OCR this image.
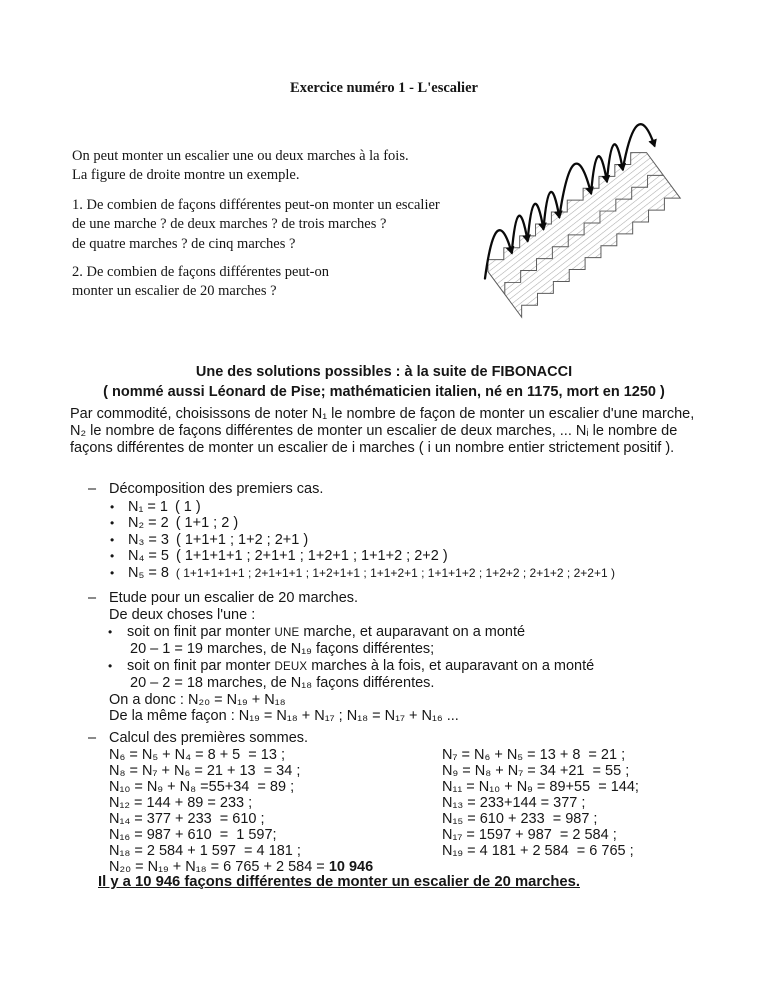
Exercice numéro 1 - L'escalier
On peut monter un escalier une ou deux marches à la fois.
La figure de droite montre un exemple.
1. De combien de façons différentes peut-on monter un escalier
de une marche ? de deux marches ? de trois marches ?
de quatre marches ? de cinq marches ?
2. De combien de façons différentes peut-on
monter un escalier de 20 marches ?
Une des solutions possibles : à la suite de FIBONACCI
( nommé aussi Léonard de Pise; mathématicien italien, né en 1175, mort en 1250 )
Par commodité, choisissons de noter N₁ le nombre de façon de monter un escalier d'une marche, N₂ le nombre de façons différentes de monter un escalier de deux marches, ... Nᵢ le nombre de façons différentes de monter un escalier de i marches ( i un nombre entier strictement positif ).
– Décomposition des premiers cas.
• N₁ = 1 ( 1 )
• N₂ = 2 ( 1+1 ; 2 )
• N₃ = 3 ( 1+1+1 ; 1+2 ; 2+1 )
• N₄ = 5 ( 1+1+1+1 ; 2+1+1 ; 1+2+1 ; 1+1+2 ; 2+2 )
• N₅ = 8 ( 1+1+1+1+1 ; 2+1+1+1 ; 1+2+1+1 ; 1+1+2+1 ; 1+1+1+2 ; 1+2+2 ; 2+1+2 ; 2+2+1 )
– Etude pour un escalier de 20 marches.
De deux choses l'une :
•	soit on finit par monter UNE marche, et auparavant on a monté
20 – 1 = 19 marches, de N₁₉ façons différentes;
•	soit on finit par monter DEUX marches à la fois, et auparavant on a monté
20 – 2 = 18 marches, de N₁₈ façons différentes.
On a donc : N₂₀ = N₁₉ + N₁₈
De la même façon : N₁₉ = N₁₈ + N₁₇ ; N₁₈ = N₁₇ + N₁₆ ...
– Calcul des premières sommes.
N₆ = N₅ + N₄ = 8 + 5  = 13 ;
N₈ = N₇ + N₆ = 21 + 13  = 34 ;
N₁₀ = N₉ + N₈ =55+34  = 89 ;
N₁₂ = 144 + 89 = 233 ;
N₁₄ = 377 + 233  = 610 ;
N₁₆ = 987 + 610  =  1 597;
N₁₈ = 2 584 + 1 597  = 4 181 ;
N₂₀ = N₁₉ + N₁₈ = 6 765 + 2 584 = 10 946
N₇ = N₆ + N₅ = 13 + 8  = 21 ;
N₉ = N₈ + N₇ = 34 +21  = 55 ;
N₁₁ = N₁₀ + N₉ = 89+55  = 144;
N₁₃ = 233+144 = 377 ;
N₁₅ = 610 + 233  = 987 ;
N₁₇ = 1597 + 987  = 2 584 ;
N₁₉ = 4 181 + 2 584  = 6 765 ;
Il y a 10 946 façons différentes de monter un escalier de 20 marches.
